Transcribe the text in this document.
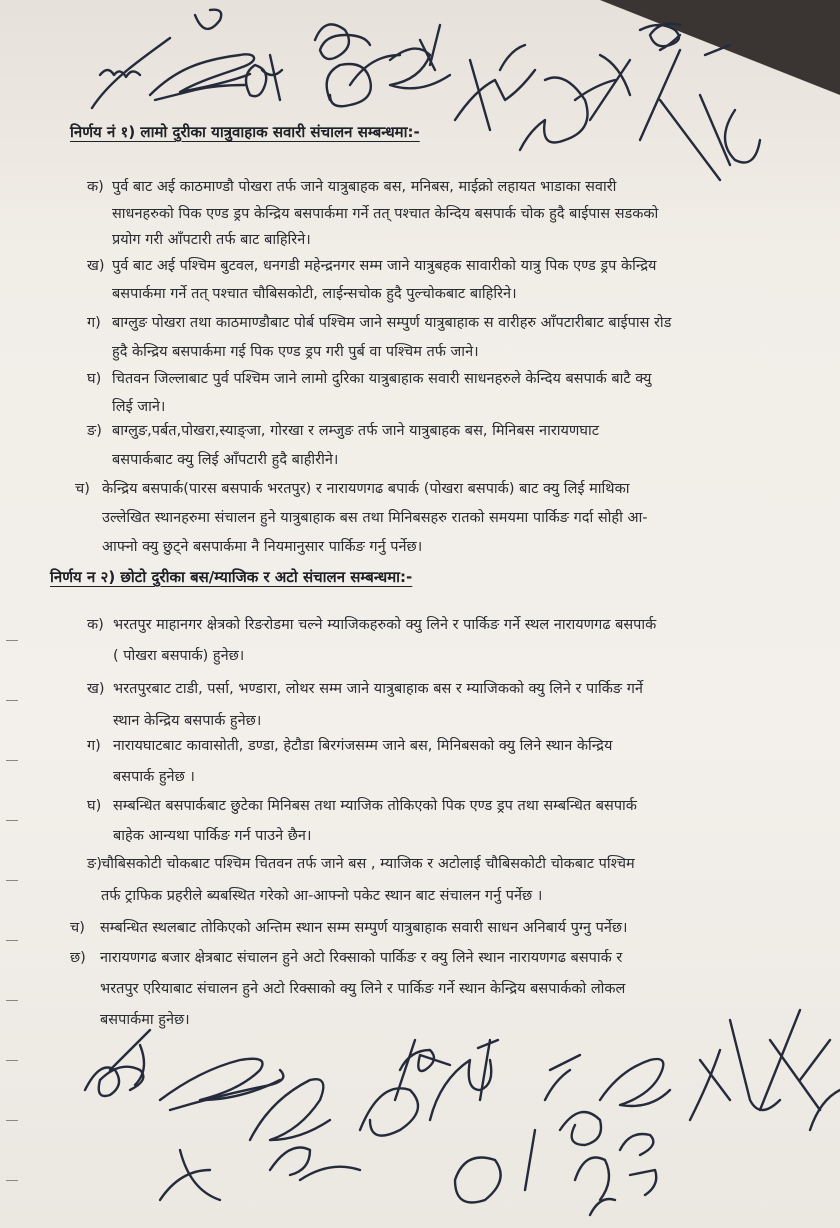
निर्णय नं १) लामो दुरीका यात्रुवाहाक सवारी संचालन सम्बन्धमा:-
क) पुर्व बाट अई काठमाण्डौ पोखरा तर्फ जाने यात्रुबाहक बस, मनिबस, माईक्रो लहायत भाडाका सवारी
साधनहरुको पिक एण्ड ड्रप केन्द्रिय बसपार्कमा गर्ने तत् पश्चात केन्दिय बसपार्क चोक हुदै बाईपास सडकको
प्रयोग गरी आँपटारी तर्फ बाट बाहिरिने।
ख) पुर्व बाट अई पश्चिम बुटवल, धनगडी महेन्द्रनगर सम्म जाने यात्रुबहक सावारीको यात्रु पिक एण्ड ड्रप केन्द्रिय
बसपार्कमा गर्ने तत् पश्चात चौबिसकोटी, लाईन्सचोक हुदै पुल्चोकबाट बाहिरिने।
ग) बाग्लुङ पोखरा तथा काठमाण्डौबाट पोर्ब पश्चिम जाने सम्पुर्ण यात्रुबाहाक स वारीहरु आँपटारीबाट बाईपास रोड
हुदै केन्द्रिय बसपार्कमा गई पिक एण्ड ड्रप गरी पुर्ब वा पश्चिम तर्फ जाने।
घ) चितवन जिल्लाबाट पुर्व पश्चिम जाने लामो दुरिका यात्रुबाहाक सवारी साधनहरुले केन्दिय बसपार्क बाटै क्यु
लिई जाने।
ङ) बाग्लुङ,पर्बत,पोखरा,स्याङ्जा, गोरखा र लम्जुङ तर्फ जाने यात्रुबाहक बस, मिनिबस नारायणघाट
बसपार्कबाट क्यु लिई आँपटारी हुदै बाहीरीने।
च) केन्द्रिय बसपार्क(पारस बसपार्क भरतपुर) र नारायणगढ बपार्क (पोखरा बसपार्क) बाट क्यु लिई माथिका
उल्लेखित स्थानहरुमा संचालन हुने यात्रुबाहाक बस तथा मिनिबसहरु रातको समयमा पार्किङ गर्दा सोही आ-
आफ्नो क्यु छुट्ने बसपार्कमा नै नियमानुसार पार्किङ गर्नु पर्नेछ।
निर्णय न २) छोटो दुरीका बस/म्याजिक र अटो संचालन सम्बन्धमा:-
क) भरतपुर माहानगर क्षेत्रको रिङरोडमा चल्ने म्याजिकहरुको क्यु लिने र पार्किङ गर्ने स्थल नारायणगढ बसपार्क
( पोखरा बसपार्क) हुनेछ।
ख) भरतपुरबाट टाडी, पर्सा, भण्डारा, लोथर सम्म जाने यात्रुबाहाक बस र म्याजिकको क्यु लिने र पार्किङ गर्ने
स्थान केन्द्रिय बसपार्क हुनेछ।
ग) नारायघाटबाट कावासोती, डण्डा, हेटौडा बिरगंजसम्म जाने बस, मिनिबसको क्यु लिने स्थान केन्द्रिय
बसपार्क हुनेछ ।
घ) सम्बन्धित बसपार्कबाट छुटेका मिनिबस तथा म्याजिक तोकिएको पिक एण्ड ड्रप तथा सम्बन्धित बसपार्क
बाहेक आन्यथा पार्किङ गर्न पाउने छैन।
ङ) चौबिसकोटी चोकबाट पश्चिम चितवन तर्फ जाने बस , म्याजिक र अटोलाई चौबिसकोटी चोकबाट पश्चिम
तर्फ ट्राफिक प्रहरीले ब्यबस्थित गरेको आ-आफ्नो पकेट स्थान बाट संचालन गर्नु पर्नेछ ।
च) सम्बन्धित स्थलबाट तोकिएको अन्तिम स्थान सम्म सम्पुर्ण यात्रुबाहाक सवारी साधन अनिबार्य पुग्नु पर्नेछ।
छ) नारायणगढ बजार क्षेत्रबाट संचालन हुने अटो रिक्साको पार्किङ र क्यु लिने स्थान नारायणगढ बसपार्क र
भरतपुर एरियाबाट संचालन हुने अटो रिक्साको क्यु लिने र पार्किङ गर्ने स्थान केन्द्रिय बसपार्कको लोकल
बसपार्कमा हुनेछ।
